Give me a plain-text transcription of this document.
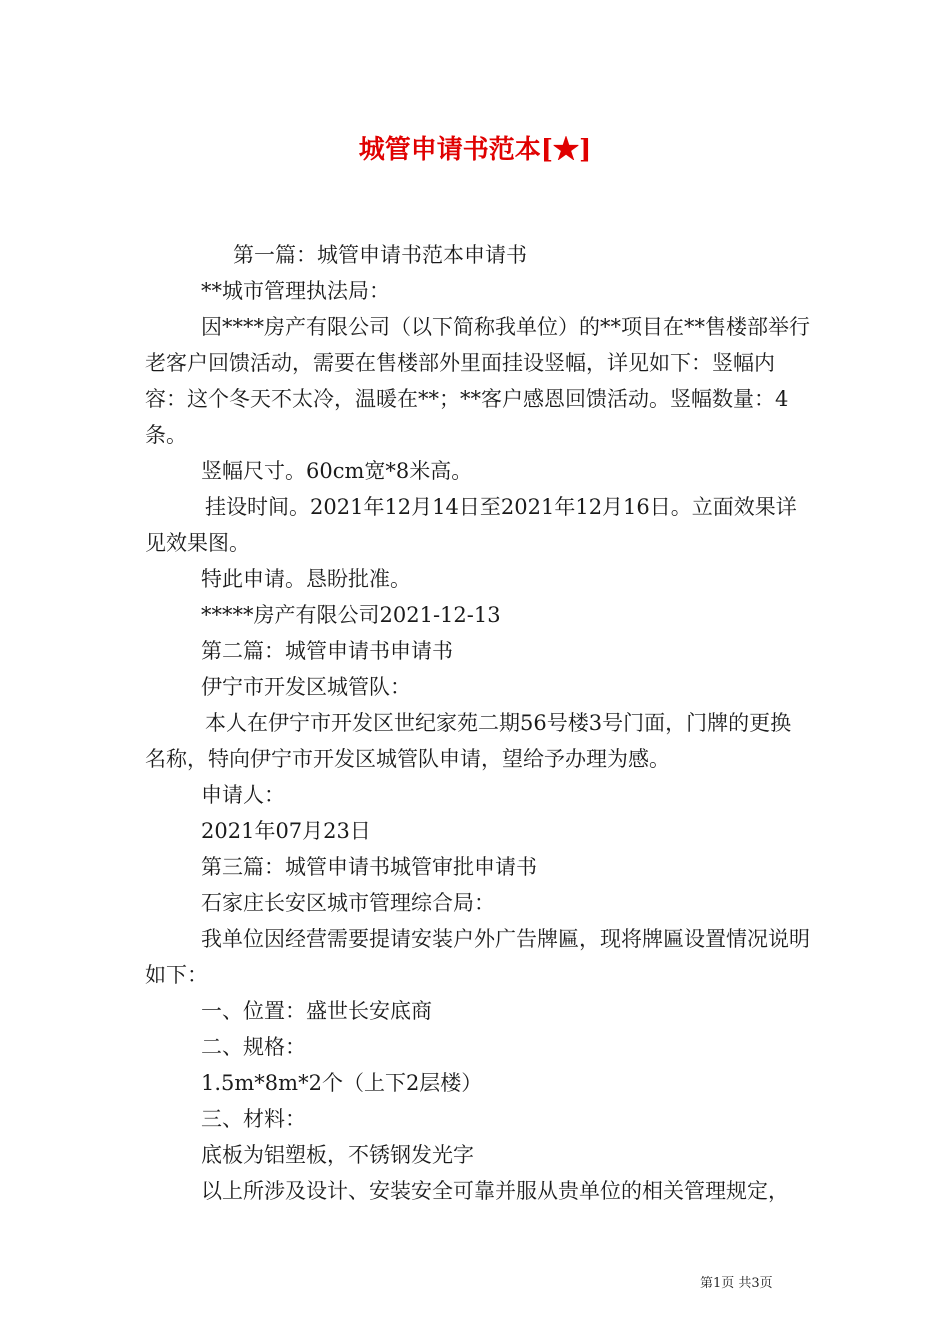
城管申请书范本[★]

第一篇：城管申请书范本申请书

**城市管理执法局：

因****房产有限公司（以下简称我单位）的**项目在**售楼部举行老客户回馈活动，需要在售楼部外里面挂设竖幅，详见如下：竖幅内容：这个冬天不太冷，温暖在**；**客户感恩回馈活动。竖幅数量：4条。

竖幅尺寸。60cm宽*8米高。

挂设时间。2021年12月14日至2021年12月16日。立面效果详见效果图。

特此申请。恳盼批准。

*****房产有限公司2021-12-13

第二篇：城管申请书申请书

伊宁市开发区城管队：

本人在伊宁市开发区世纪家苑二期56号楼3号门面，门牌的更换名称，特向伊宁市开发区城管队申请，望给予办理为感。

申请人：

2021年07月23日

第三篇：城管申请书城管审批申请书

石家庄长安区城市管理综合局：

我单位因经营需要提请安装户外广告牌匾，现将牌匾设置情况说明如下：

一、位置：盛世长安底商

二、规格：

1.5m*8m*2个（上下2层楼）

三、材料：

底板为铝塑板，不锈钢发光字

以上所涉及设计、安装安全可靠并服从贵单位的相关管理规定，

第1页 共3页
